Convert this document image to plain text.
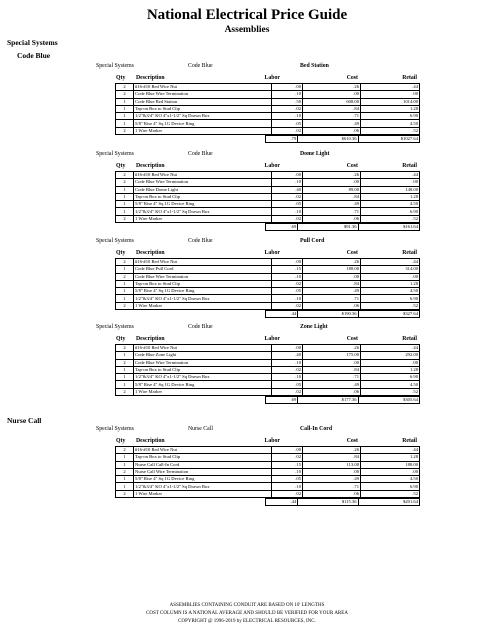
National Electrical Price Guide
Assemblies
Special Systems
Code Blue
Nurse Call
Special Systems	Code Blue	Bed Station
Qty Description	Labor	Cost	Retail
2	#16-#10 Red Wire Nut	.00	.26	.44
2	Code Blue Wire Termination	.10	.00	.00
1	Code Blue Bed Station	.50	608.00	1014.00
1	Tap-on Box to Stud Clip	.02	.84	1.28
1	1/2"&3/4" KO 4"x1-1/2" Sq Drawn Box	.10	.71	6.90
1	5/8" Rise 4" Sq 1G Device Ring	.05	.49	4.50
2	1 Wire Marker	.02	.06	.52
.79	$610.36	$1027.64
Special Systems	Code Blue	Dome Light
Qty Description	Labor	Cost	Retail
2	#16-#10 Red Wire Nut	.00	.26	.44
2	Code Blue Wire Termination	.10	.00	.00
1	Code Blue Dome Light	.40	89.00	148.00
1	Tap-on Box to Stud Clip	.02	.84	1.28
1	5/8" Rise 4" Sq 1G Device Ring	.05	.49	4.50
1	1/2"&3/4" KO 4"x1-1/2" Sq Drawn Box	.10	.71	6.90
2	1 Wire Marker	.02	.06	.52
.69	$91.36	$161.64
Special Systems	Code Blue	Pull Cord
Qty Description	Labor	Cost	Retail
2	#16-#10 Red Wire Nut	.00	.26	.44
1	Code Blue Pull Cord	.15	188.00	314.00
2	Code Blue Wire Termination	.10	.00	.00
1	Tap-on Box to Stud Clip	.02	.84	1.28
1	5/8" Rise 4" Sq 1G Device Ring	.05	.49	4.50
1	1/2"&3/4" KO 4"x1-1/2" Sq Drawn Box	.10	.71	6.90
2	1 Wire Marker	.02	.06	.52
.44	$190.36	$327.64
Special Systems	Code Blue	Zone Light
Qty Description	Labor	Cost	Retail
2	#16-#10 Red Wire Nut	.00	.26	.44
1	Code Blue Zone Light	.40	175.00	292.00
2	Code Blue Wire Termination	.10	.00	.00
1	Tap-on Box to Stud Clip	.02	.84	1.28
1	1/2"&3/4" KO 4"x1-1/2" Sq Drawn Box	.10	.71	6.90
1	5/8" Rise 4" Sq 1G Device Ring	.05	.49	4.50
2	1 Wire Marker	.02	.06	.52
.69	$177.36	$305.64
Special Systems	Nurse Call	Call-In Cord
Qty Description	Labor	Cost	Retail
2	#16-#10 Red Wire Nut	.00	.26	.44
1	Tap-on Box to Stud Clip	.02	.84	1.28
1	Nurse Call Call-In Cord	.15	113.00	188.00
2	Nurse Call Wire Termination	.10	.00	.00
1	5/8" Rise 4" Sq 1G Device Ring	.05	.49	4.50
1	1/2"&3/4" KO 4"x1-1/2" Sq Drawn Box	.10	.71	6.90
2	1 Wire Marker	.02	.06	.52
.44	$115.36	$201.64
ASSEMBLIES CONTAINING CONDUIT ARE BASED ON 10' LENGTHS
COST COLUMN IS A NATIONAL AVERAGE AND SHOULD BE VERIFIED FOR YOUR AREA
COPYRIGHT @ 1996-2019 by ELECTRICAL RESOURCES, INC.
